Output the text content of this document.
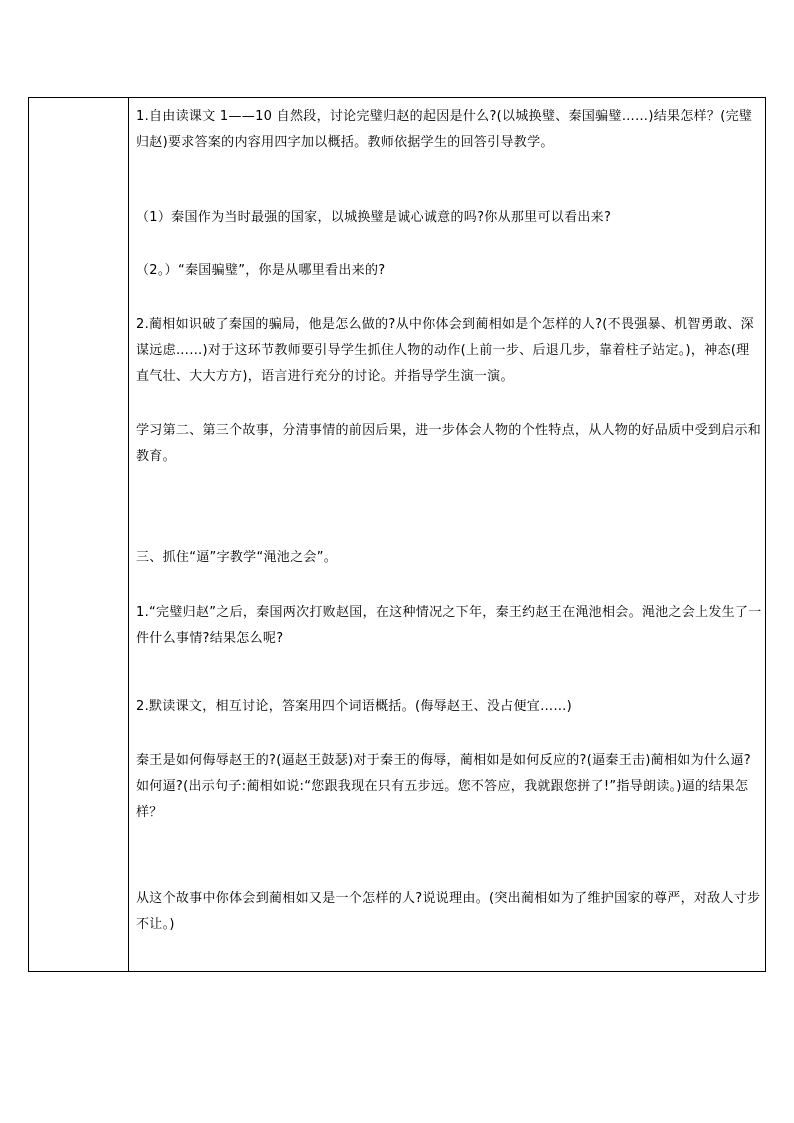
1.自由读课文 1——10 自然段，讨论完璧归赵的起因是什么?(以城换璧、秦国骗璧……)结果怎样？(完璧归赵)要求答案的内容用四字加以概括。教师依据学生的回答引导教学。

（1）秦国作为当时最强的国家，以城换璧是诚心诚意的吗?你从那里可以看出来?

（2。）“秦国骗璧”，你是从哪里看出来的?

2.蔺相如识破了秦国的骗局，他是怎么做的?从中你体会到蔺相如是个怎样的人?(不畏强暴、机智勇敢、深谋远虑……)对于这环节教师要引导学生抓住人物的动作(上前一步、后退几步，靠着柱子站定。)，神态(理直气壮、大大方方)，语言进行充分的讨论。并指导学生演一演。

学习第二、第三个故事，分清事情的前因后果，进一步体会人物的个性特点，从人物的好品质中受到启示和教育。

三、抓住“逼”字教学“渑池之会”。

1.“完璧归赵”之后，秦国两次打败赵国，在这种情况之下年，秦王约赵王在渑池相会。渑池之会上发生了一件什么事情?结果怎么呢?

2.默读课文，相互讨论，答案用四个词语概括。(侮辱赵王、没占便宜……)

秦王是如何侮辱赵王的?(逼赵王鼓瑟)对于秦王的侮辱，蔺相如是如何反应的?(逼秦王击)蔺相如为什么逼?如何逼?(出示句子:蔺相如说:“您跟我现在只有五步远。您不答应，我就跟您拼了!”指导朗读。)逼的结果怎样？

从这个故事中你体会到蔺相如又是一个怎样的人?说说理由。(突出蔺相如为了维护国家的尊严，对敌人寸步不让。)
